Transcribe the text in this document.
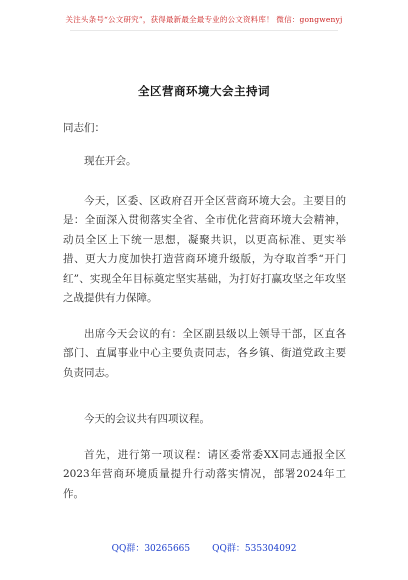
关注头条号“公文研究”，获得最新最全最专业的公文资料库！ 微信：gongwenyj
全区营商环境大会主持词
同志们：
现在开会。
今天，区委、区政府召开全区营商环境大会。主要目的是：全面深入贯彻落实全省、全市优化营商环境大会精神，动员全区上下统一思想，凝聚共识，以更高标准、更实举措、更大力度加快打造营商环境升级版，为夺取首季“开门红”、实现全年目标奠定坚实基础，为打好打赢攻坚之年攻坚之战提供有力保障。
出席今天会议的有：全区副县级以上领导干部，区直各部门、直属事业中心主要负责同志，各乡镇、街道党政主要负责同志。
今天的会议共有四项议程。
首先，进行第一项议程：请区委常委XX同志通报全区2023年营商环境质量提升行动落实情况，部署2024年工作。
QQ群：30265665 QQ群：535304092
